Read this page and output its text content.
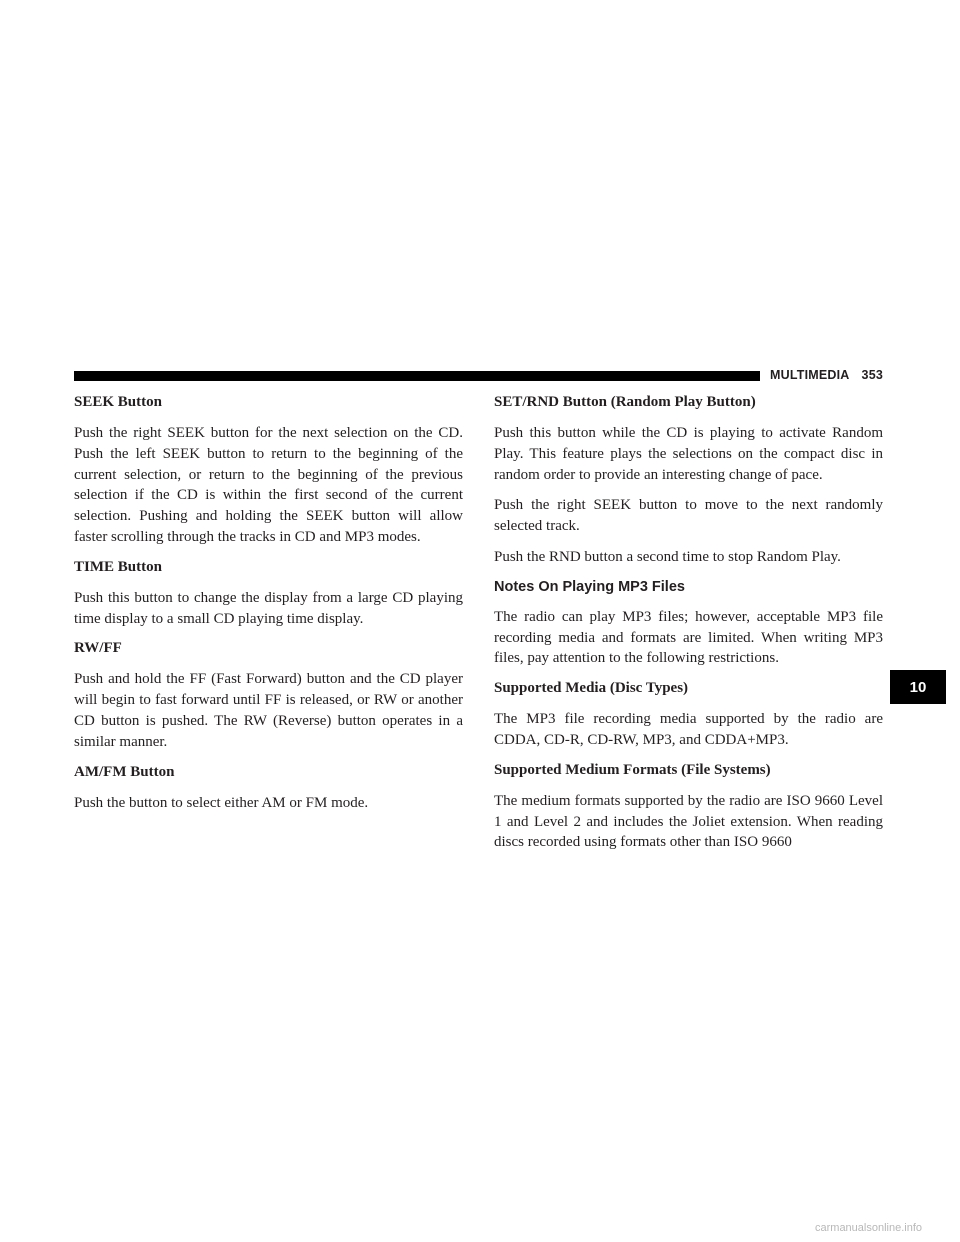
MULTIMEDIA 353
SEEK Button

Push the right SEEK button for the next selection on the CD. Push the left SEEK button to return to the beginning of the current selection, or return to the beginning of the previous selection if the CD is within the first second of the current selection. Pushing and holding the SEEK button will allow faster scrolling through the tracks in CD and MP3 modes.

TIME Button

Push this button to change the display from a large CD playing time display to a small CD playing time display.

RW/FF

Push and hold the FF (Fast Forward) button and the CD player will begin to fast forward until FF is released, or RW or another CD button is pushed. The RW (Reverse) button operates in a similar manner.

AM/FM Button

Push the button to select either AM or FM mode.

SET/RND Button (Random Play Button)

Push this button while the CD is playing to activate Random Play. This feature plays the selections on the compact disc in random order to provide an interesting change of pace.

Push the right SEEK button to move to the next randomly selected track.

Push the RND button a second time to stop Random Play.

Notes On Playing MP3 Files

The radio can play MP3 files; however, acceptable MP3 file recording media and formats are limited. When writing MP3 files, pay attention to the following restrictions.

Supported Media (Disc Types)

The MP3 file recording media supported by the radio are CDDA, CD-R, CD-RW, MP3, and CDDA+MP3.

Supported Medium Formats (File Systems)

The medium formats supported by the radio are ISO 9660 Level 1 and Level 2 and includes the Joliet extension. When reading discs recorded using formats other than ISO 9660

10
carmanualsonline.info
